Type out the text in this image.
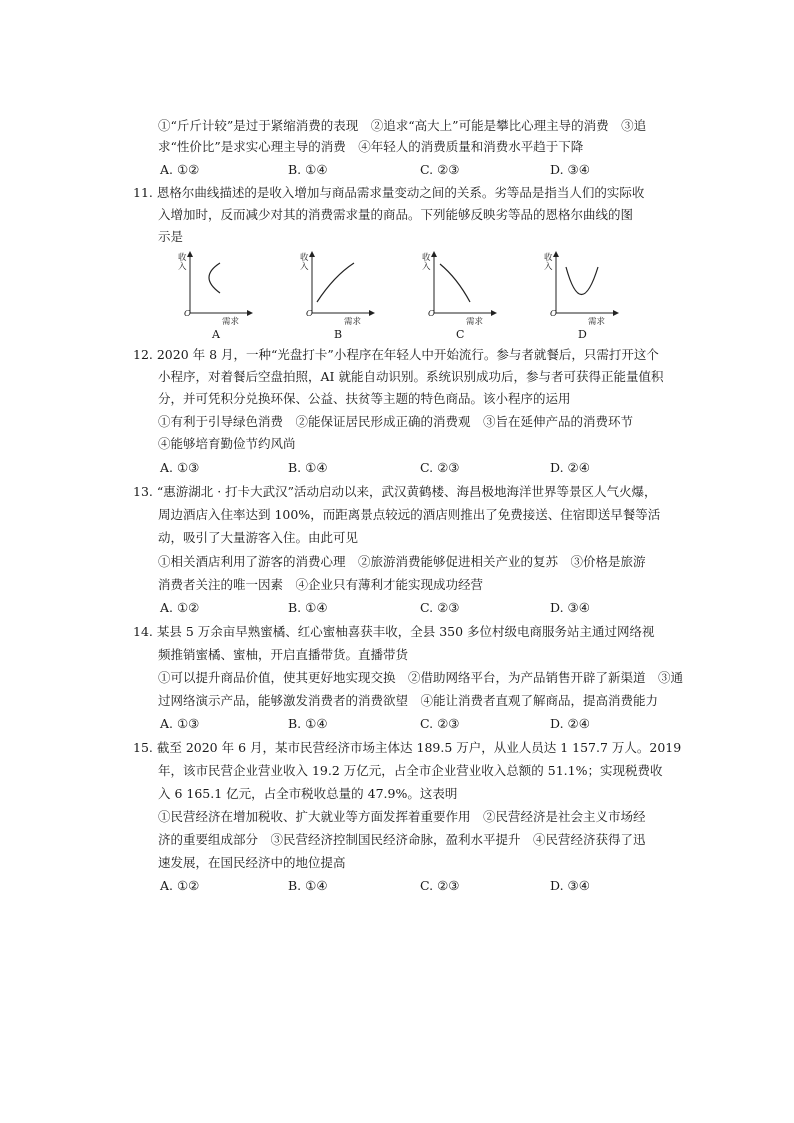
①“斤斤计较”是过于紧缩消费的表现　②追求“高大上”可能是攀比心理主导的消费　③追
求“性价比”是求实心理主导的消费　④年轻人的消费质量和消费水平趋于下降
A. ①②	B. ①④	C. ②③	D. ③④
11. 恩格尔曲线描述的是收入增加与商品需求量变动之间的关系。劣等品是指当人们的实际收
入增加时，反而减少对其的消费需求量的商品。下列能够反映劣等品的恩格尔曲线的图
示是
收入
需求
O
A
收入
需求
O
B
收入
需求
O
C
收入
需求
O
D
12. 2020 年 8 月，一种“光盘打卡”小程序在年轻人中开始流行。参与者就餐后，只需打开这个
小程序，对着餐后空盘拍照，AI 就能自动识别。系统识别成功后，参与者可获得正能量值积
分，并可凭积分兑换环保、公益、扶贫等主题的特色商品。该小程序的运用
①有利于引导绿色消费　②能保证居民形成正确的消费观　③旨在延伸产品的消费环节
④能够培育勤俭节约风尚
A. ①③	B. ①④	C. ②③	D. ②④
13. “惠游湖北 · 打卡大武汉”活动启动以来，武汉黄鹤楼、海昌极地海洋世界等景区人气火爆，
周边酒店入住率达到 100%，而距离景点较远的酒店则推出了免费接送、住宿即送早餐等活
动，吸引了大量游客入住。由此可见
①相关酒店利用了游客的消费心理　②旅游消费能够促进相关产业的复苏　③价格是旅游
消费者关注的唯一因素　④企业只有薄利才能实现成功经营
A. ①②	B. ①④	C. ②③	D. ③④
14. 某县 5 万余亩早熟蜜橘、红心蜜柚喜获丰收，全县 350 多位村级电商服务站主通过网络视
频推销蜜橘、蜜柚，开启直播带货。直播带货
①可以提升商品价值，使其更好地实现交换　②借助网络平台，为产品销售开辟了新渠道　③通
过网络演示产品，能够激发消费者的消费欲望　④能让消费者直观了解商品，提高消费能力
A. ①③	B. ①④	C. ②③	D. ②④
15. 截至 2020 年 6 月，某市民营经济市场主体达 189.5 万户，从业人员达 1 157.7 万人。2019
年，该市民营企业营业收入 19.2 万亿元，占全市企业营业收入总额的 51.1%；实现税费收
入 6 165.1 亿元，占全市税收总量的 47.9%。这表明
①民营经济在增加税收、扩大就业等方面发挥着重要作用　②民营经济是社会主义市场经
济的重要组成部分　③民营经济控制国民经济命脉，盈利水平提升　④民营经济获得了迅
速发展，在国民经济中的地位提高
A. ①②	B. ①④	C. ②③	D. ③④
